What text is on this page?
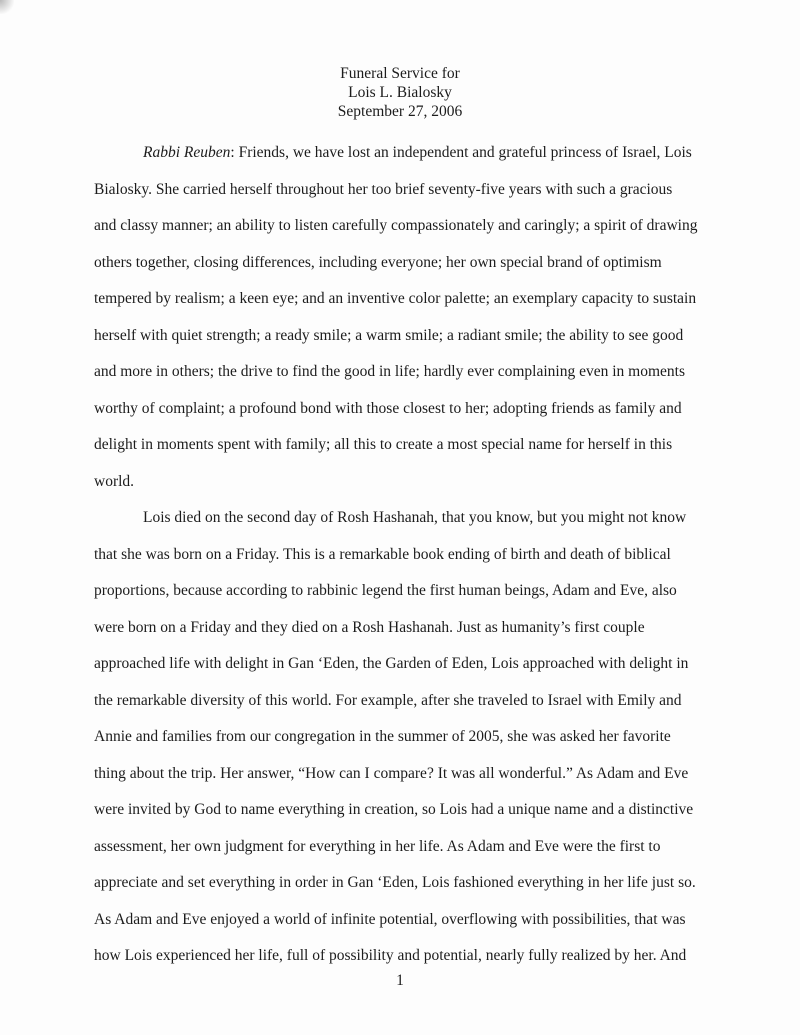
Funeral Service for
Lois L. Bialosky
September 27, 2006
Rabbi Reuben: Friends, we have lost an independent and grateful princess of Israel, Lois
Bialosky. She carried herself throughout her too brief seventy-five years with such a gracious
and classy manner; an ability to listen carefully compassionately and caringly; a spirit of drawing
others together, closing differences, including everyone; her own special brand of optimism
tempered by realism; a keen eye; and an inventive color palette; an exemplary capacity to sustain
herself with quiet strength; a ready smile; a warm smile; a radiant smile; the ability to see good
and more in others; the drive to find the good in life; hardly ever complaining even in moments
worthy of complaint; a profound bond with those closest to her; adopting friends as family and
delight in moments spent with family; all this to create a most special name for herself in this
world.
Lois died on the second day of Rosh Hashanah, that you know, but you might not know
that she was born on a Friday. This is a remarkable book ending of birth and death of biblical
proportions, because according to rabbinic legend the first human beings, Adam and Eve, also
were born on a Friday and they died on a Rosh Hashanah. Just as humanity’s first couple
approached life with delight in Gan ‘Eden, the Garden of Eden, Lois approached with delight in
the remarkable diversity of this world. For example, after she traveled to Israel with Emily and
Annie and families from our congregation in the summer of 2005, she was asked her favorite
thing about the trip. Her answer, “How can I compare? It was all wonderful.” As Adam and Eve
were invited by God to name everything in creation, so Lois had a unique name and a distinctive
assessment, her own judgment for everything in her life. As Adam and Eve were the first to
appreciate and set everything in order in Gan ‘Eden, Lois fashioned everything in her life just so.
As Adam and Eve enjoyed a world of infinite potential, overflowing with possibilities, that was
how Lois experienced her life, full of possibility and potential, nearly fully realized by her. And
1
